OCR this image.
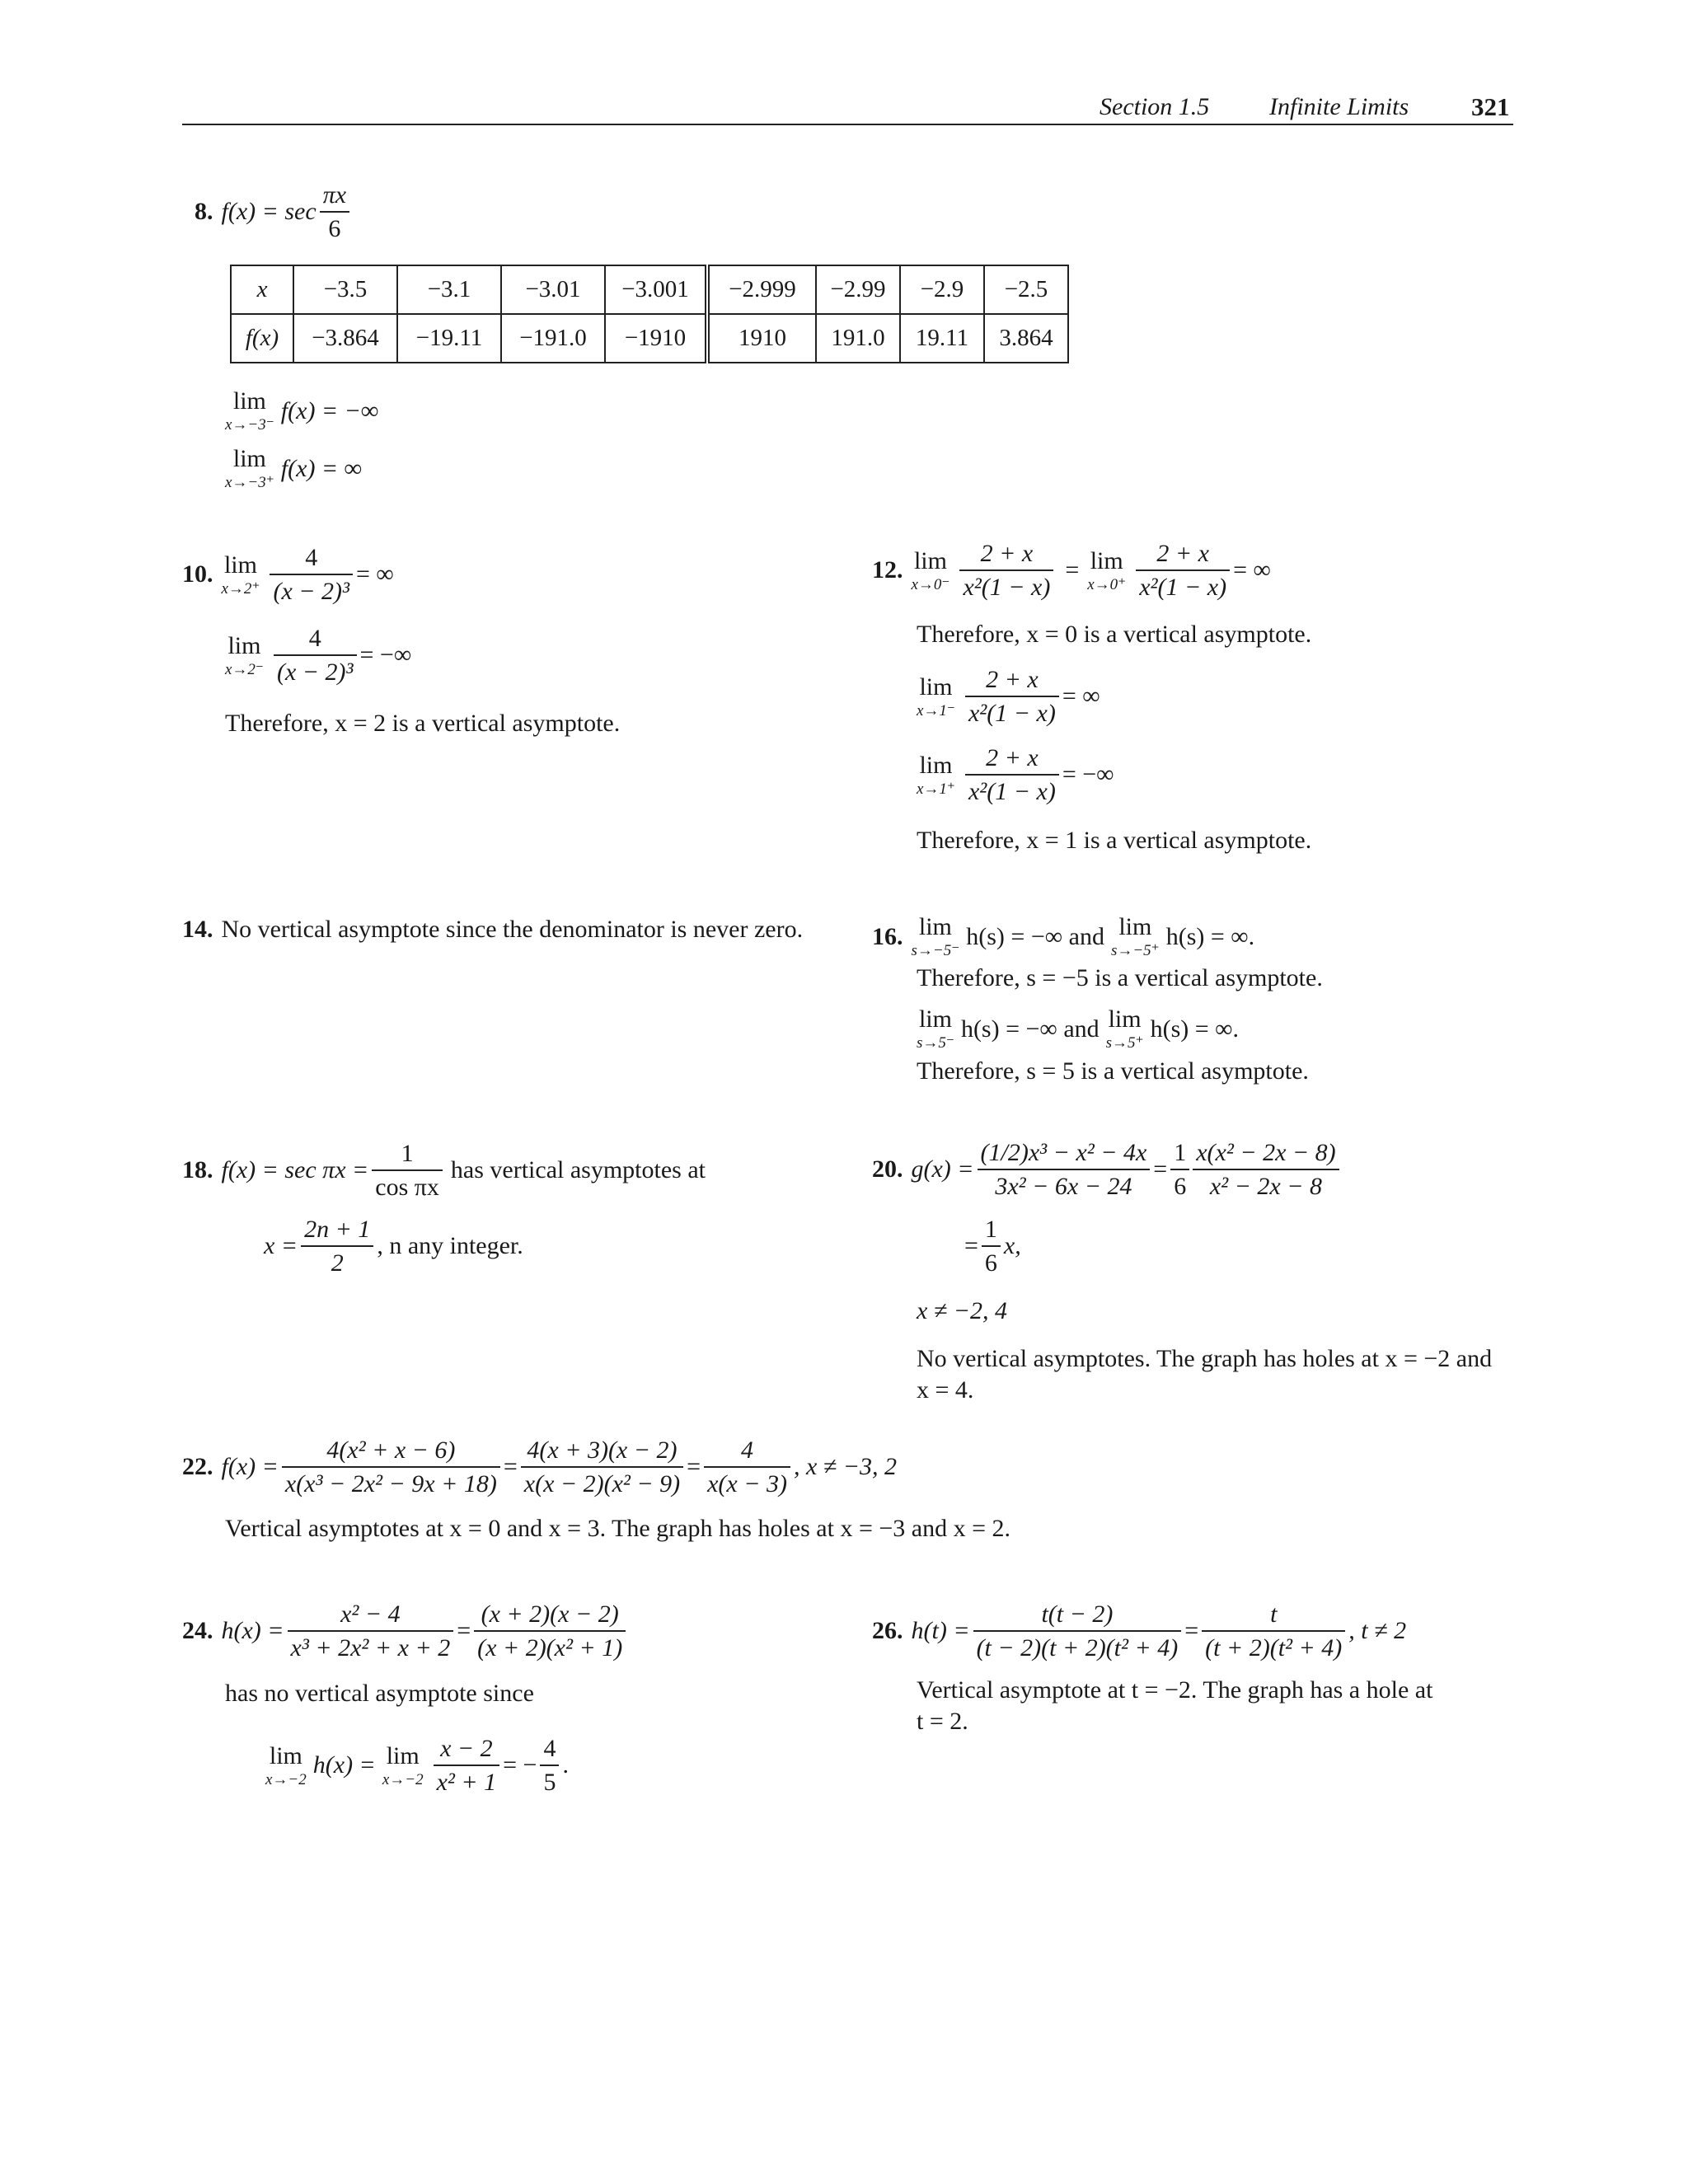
Section 1.5 Infinite Limits 321
8. $f(x) = \sec \frac{\pi x}{6}$
x	−3.5	−3.1	−3.01	−3.001	−2.999	−2.99	−2.9	−2.5
f(x)	−3.864	−19.11	−191.0	−1910	1910	191.0	19.11	3.864
lim
x→−3⁻
f(x) = −∞
lim
x→−3⁺
f(x) = ∞
10. lim
$x\to 2^+ \frac{4}{\text{(x − 2)³}}$ = ∞
lim
$x\to 2^- \frac{4}{\text{(x − 2)³}}$ = −∞
Therefore, x = 2 is a vertical asymptote.
12. lim
$x\to 0^- \frac{2 + x}{\text{x²(1 − x)}} = \lim$
$x\to 0^+ \frac{2 + x}{\text{x²(1 − x)}}$ = ∞
Therefore, x = 0 is a vertical asymptote.
lim
$x\to 1^- \frac{2 + x}{\text{x²(1 − x)}}$ = ∞
lim
$x\to 1^+ \frac{2 + x}{\text{x²(1 − x)}}$ = −∞
Therefore, x = 1 is a vertical asymptote.
14. No vertical asymptote since the denominator is never zero.	16. lim
s→−5⁻
h(s) = −∞ and lim
s→−5⁺
h(s) = ∞.
Therefore, s = −5 is a vertical asymptote.
lim
s→5⁻
h(s) = −∞ and lim
s→5⁺
h(s) = ∞.
Therefore, s = 5 is a vertical asymptote.
18. $f(x) = \sec \pi x = \frac{1}{\text{cos πx}}$ has vertical asymptotes at
$x = \frac{2n + 1}{2}$ , n any integer.
20. $g(x) = \frac{\text{(1/2)x³ − x² − 4x}}{\text{3x² − 6x − 24}} = \frac{1}{6} \frac{\text{x(x² − 2x − 8)}}{\text{x² − 2x − 8}}$
= $\frac{1}{6} x$,
x ≠ −2, 4
No vertical asymptotes. The graph has holes at x = −2 and x = 4.
22. $f(x) = \frac{\text{4(x² + x − 6)}}{\text{x(x³ − 2x² − 9x + 18)}} = \frac{4(x + 3)(x - 2)}{\text{x(x − 2)(x² − 9)}} = \frac{4}{x(x - 3)}$ , x ≠ −3, 2
Vertical asymptotes at x = 0 and x = 3. The graph has holes at x = −3 and x = 2.
24. $h(x) = \frac{\text{x² − 4}}{\text{x³ + 2x² + x + 2}} = \frac{(x + 2)(x - 2)}{\text{(x + 2)(x² + 1)}}$
has no vertical asymptote since
lim
x→−2
h(x) = lim
$x\to-2 \frac{x - 2}{\text{x² + 1}}$ = − $\frac{4}{5}$ .
26. $h(t) = \frac{t(t - 2)}{\text{(t − 2)(t + 2)(t² + 4)}} = \frac{t}{\text{(t + 2)(t² + 4)}}$ , t ≠ 2
Vertical asymptote at t = −2. The graph has a hole at
t = 2.
